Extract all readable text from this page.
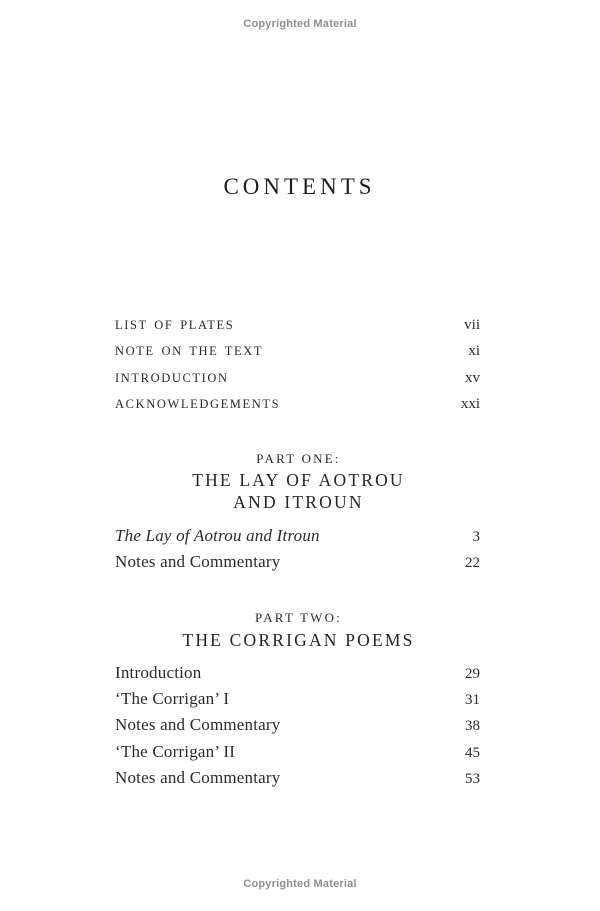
Copyrighted Material
CONTENTS
LIST OF PLATES	vii
NOTE ON THE TEXT	xi
INTRODUCTION	xv
ACKNOWLEDGEMENTS	xxi
PART ONE:
THE LAY OF AOTROU
AND ITROUN
The Lay of Aotrou and Itroun	3
Notes and Commentary	22
PART TWO:
THE CORRIGAN POEMS
Introduction	29
‘The Corrigan’ I	31
Notes and Commentary	38
‘The Corrigan’ II	45
Notes and Commentary	53
Copyrighted Material
